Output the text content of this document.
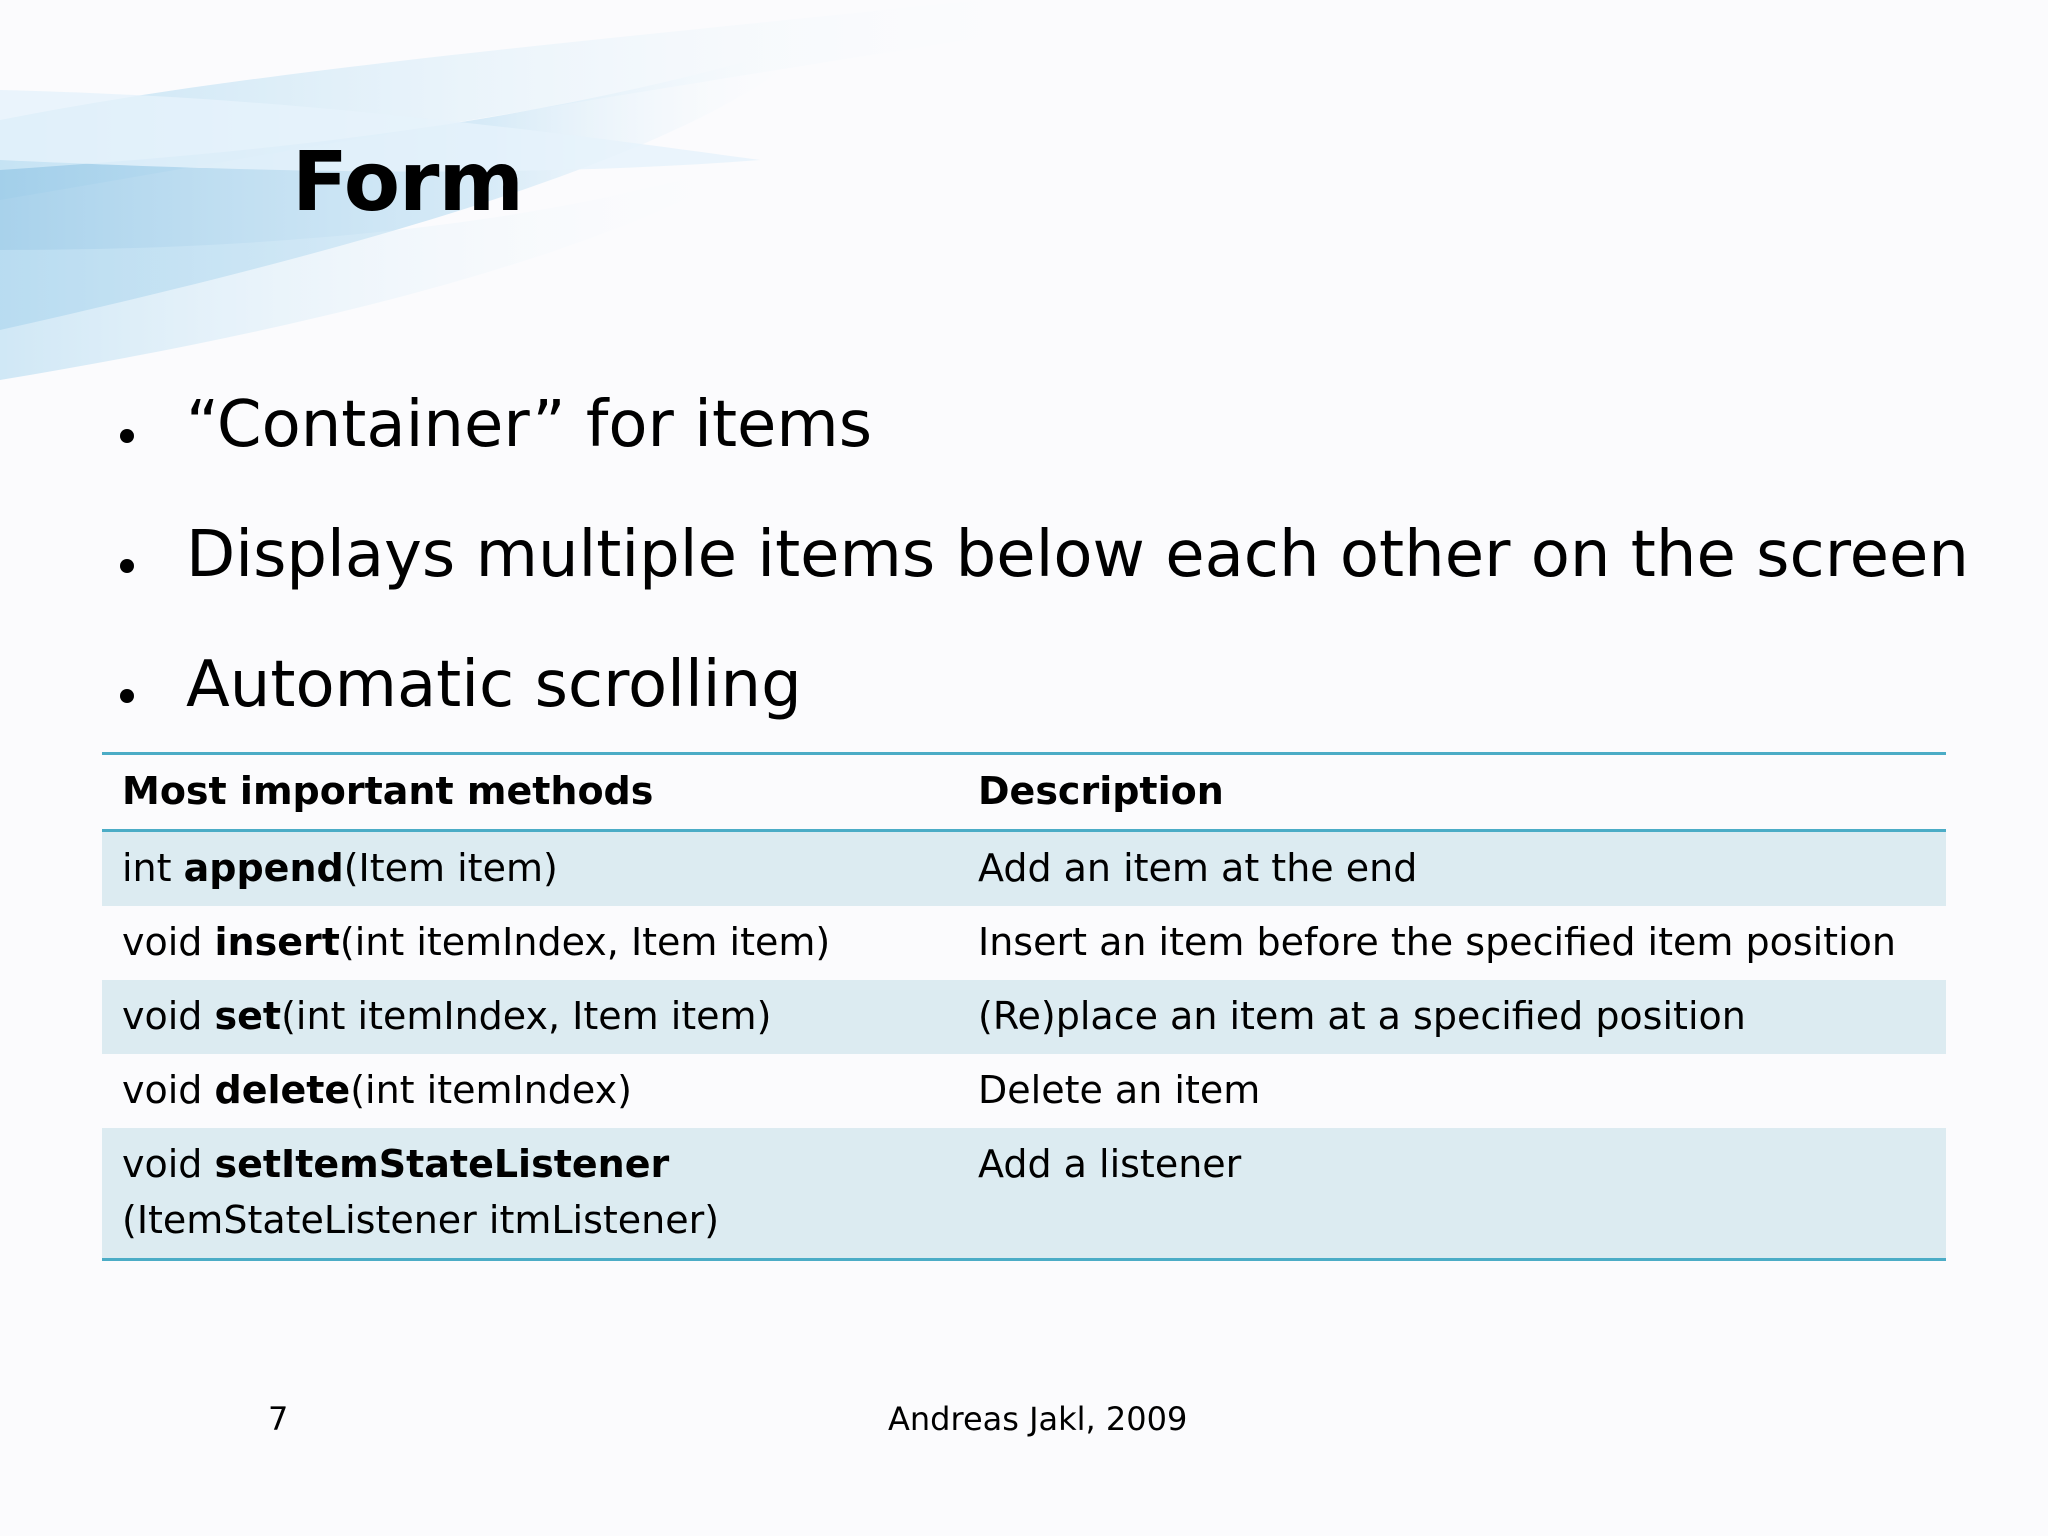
Form
“Container” for items
Displays multiple items below each other on the screen
Automatic scrolling
Most important methods	Description
int append(Item item)	Add an item at the end
void insert(int itemIndex, Item item)	Insert an item before the specified item position
void set(int itemIndex, Item item)	(Re)place an item at a specified position
void delete(int itemIndex)	Delete an item
void setItemStateListener
(ItemStateListener itmListener)	Add a listener
7	Andreas Jakl, 2009
